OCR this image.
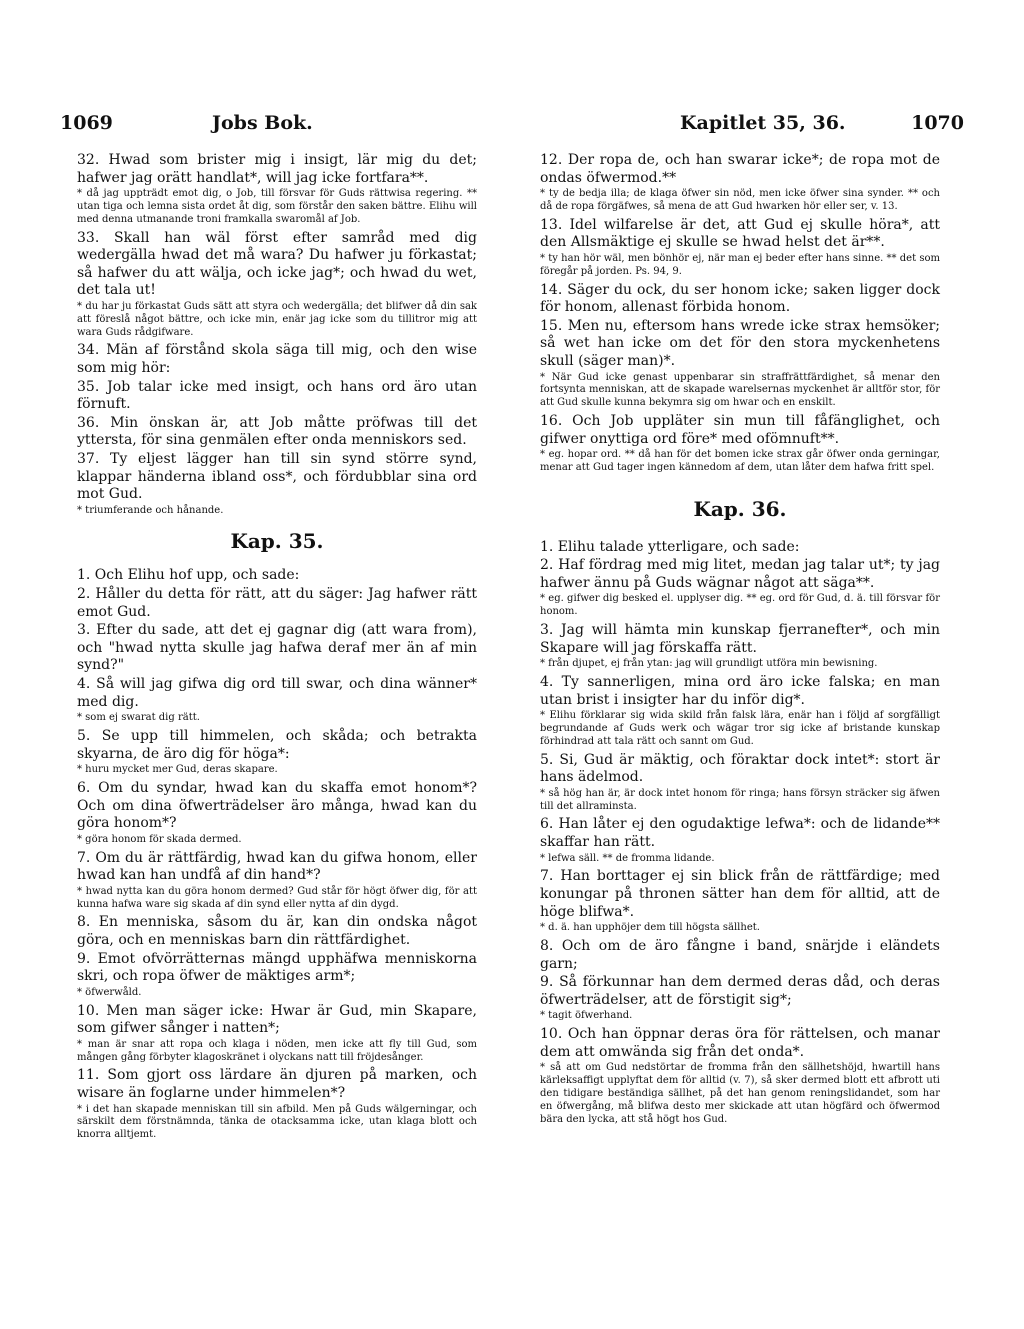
1069	Jobs Bok.	Kapitlet 35, 36.	1070

32. Hwad som brister mig i insigt, lär mig du det; hafwer jag orätt handlat*, will jag icke fortfara**.

* då jag uppträdt emot dig, o Job, till försvar för Guds rättwisa regering. ** utan tiga och lemna sista ordet åt dig, som förstår den saken bättre. Elihu will med denna utmanande troni framkalla swaromål af Job.

33. Skall han wäl först efter samråd med dig wedergälla hwad det må wara? Du hafwer ju förkastat; så hafwer du att wälja, och icke jag*; och hwad du wet, det tala ut!

* du har ju förkastat Guds sätt att styra och wedergälla; det blifwer då din sak att föreslå något bättre, och icke min, enär jag icke som du tillitror mig att wara Guds rådgifware.

34. Män af förstånd skola säga till mig, och den wise som mig hör:

35. Job talar icke med insigt, och hans ord äro utan förnuft.

36. Min önskan är, att Job måtte pröfwas till det yttersta, för sina genmälen efter onda menniskors sed.

37. Ty eljest lägger han till sin synd större synd, klappar händerna ibland oss*, och fördubblar sina ord mot Gud.

* triumferande och hånande.

Kap. 35.

1. Och Elihu hof upp, och sade:

2. Håller du detta för rätt, att du säger: Jag hafwer rätt emot Gud.

3. Efter du sade, att det ej gagnar dig (att wara from), och "hwad nytta skulle jag hafwa deraf mer än af min synd?"

4. Så will jag gifwa dig ord till swar, och dina wänner* med dig.

* som ej swarat dig rätt.

5. Se upp till himmelen, och skåda; och betrakta skyarna, de äro dig för höga*:

* huru mycket mer Gud, deras skapare.

6. Om du syndar, hwad kan du skaffa emot honom*? Och om dina öfwerträdelser äro många, hwad kan du göra honom*?

* göra honom för skada dermed.

7. Om du är rättfärdig, hwad kan du gifwa honom, eller hwad kan han undfå af din hand*?

* hwad nytta kan du göra honom dermed? Gud står för högt öfwer dig, för att kunna hafwa ware sig skada af din synd eller nytta af din dygd.

8. En menniska, såsom du är, kan din ondska något göra, och en menniskas barn din rättfärdighet.

9. Emot ofvörrätternas mängd upphäfwa menniskorna skri, och ropa öfwer de mäktiges arm*;

* öfwerwåld.

10. Men man säger icke: Hwar är Gud, min Skapare, som gifwer sånger i natten*;

* man är snar att ropa och klaga i nöden, men icke att fly till Gud, som mången gång förbyter klagoskränet i olyckans natt till fröjdesånger.

11. Som gjort oss lärdare än djuren på marken, och wisare än foglarne under himmelen*?

* i det han skapade menniskan till sin afbild. Men på Guds wälgerningar, och särskilt dem förstnämnda, tänka de otacksamma icke, utan klaga blott och knorra alltjemt.

12. Der ropa de, och han swarar icke*; de ropa mot de ondas öfwermod.**

* ty de bedja illa; de klaga öfwer sin nöd, men icke öfwer sina synder. ** och då de ropa förgäfwes, så mena de att Gud hwarken hör eller ser, v. 13.

13. Idel wilfarelse är det, att Gud ej skulle höra*, att den Allsmäktige ej skulle se hwad helst det är**.

* ty han hör wäl, men bönhör ej, när man ej beder efter hans sinne. ** det som föregår på jorden. Ps. 94, 9.

14. Säger du ock, du ser honom icke; saken ligger dock för honom, allenast förbida honom.

15. Men nu, eftersom hans wrede icke strax hemsöker; så wet han icke om det för den stora myckenhetens skull (säger man)*.

* När Gud icke genast uppenbarar sin straffrättfärdighet, så menar den fortsynta menniskan, att de skapade warelsernas myckenhet är alltför stor, för att Gud skulle kunna bekymra sig om hwar och en enskilt.

16. Och Job uppläter sin mun till fåfänglighet, och gifwer onyttiga ord före* med ofömnuft**.

* eg. hopar ord. ** då han för det bomen icke strax går öfwer onda gerningar, menar att Gud tager ingen kännedom af dem, utan låter dem hafwa fritt spel.

Kap. 36.

1. Elihu talade ytterligare, och sade:

2. Haf fördrag med mig litet, medan jag talar ut*; ty jag hafwer ännu på Guds wägnar något att säga**.

* eg. gifwer dig besked el. upplyser dig. ** eg. ord för Gud, d. ä. till försvar för honom.

3. Jag will hämta min kunskap fjerranefter*, och min Skapare will jag förskaffa rätt.

* från djupet, ej från ytan: jag will grundligt utföra min bewisning.

4. Ty sannerligen, mina ord äro icke falska; en man utan brist i insigter har du inför dig*.

* Elihu förklarar sig wida skild från falsk lära, enär han i följd af sorgfälligt begrundande af Guds werk och wägar tror sig icke af bristande kunskap förhindrad att tala rätt och sannt om Gud.

5. Si, Gud är mäktig, och föraktar dock intet*: stort är hans ädelmod.

* så hög han är, är dock intet honom för ringa; hans försyn sträcker sig äfwen till det allraminsta.

6. Han låter ej den ogudaktige lefwa*: och de lidande** skaffar han rätt.

* lefwa säll. ** de fromma lidande.

7. Han borttager ej sin blick från de rättfärdige; med konungar på thronen sätter han dem för alltid, att de höge blifwa*.

* d. ä. han upphöjer dem till högsta sällhet.

8. Och om de äro fångne i band, snärjde i eländets garn;

9. Så förkunnar han dem dermed deras dåd, och deras öfwerträdelser, att de förstigit sig*;

* tagit öfwerhand.

10. Och han öppnar deras öra för rättelsen, och manar dem att omwända sig från det onda*.

* så att om Gud nedstörtar de fromma från den sällhetshöjd, hwartill hans kärleksaffigt upplyftat dem för alltid (v. 7), så sker dermed blott ett afbrott uti den tidigare beständiga sällhet, på det han genom reningslidandet, som har en öfwergång, må blifwa desto mer skickade att utan högfärd och öfwermod bära den lycka, att stå högt hos Gud.
